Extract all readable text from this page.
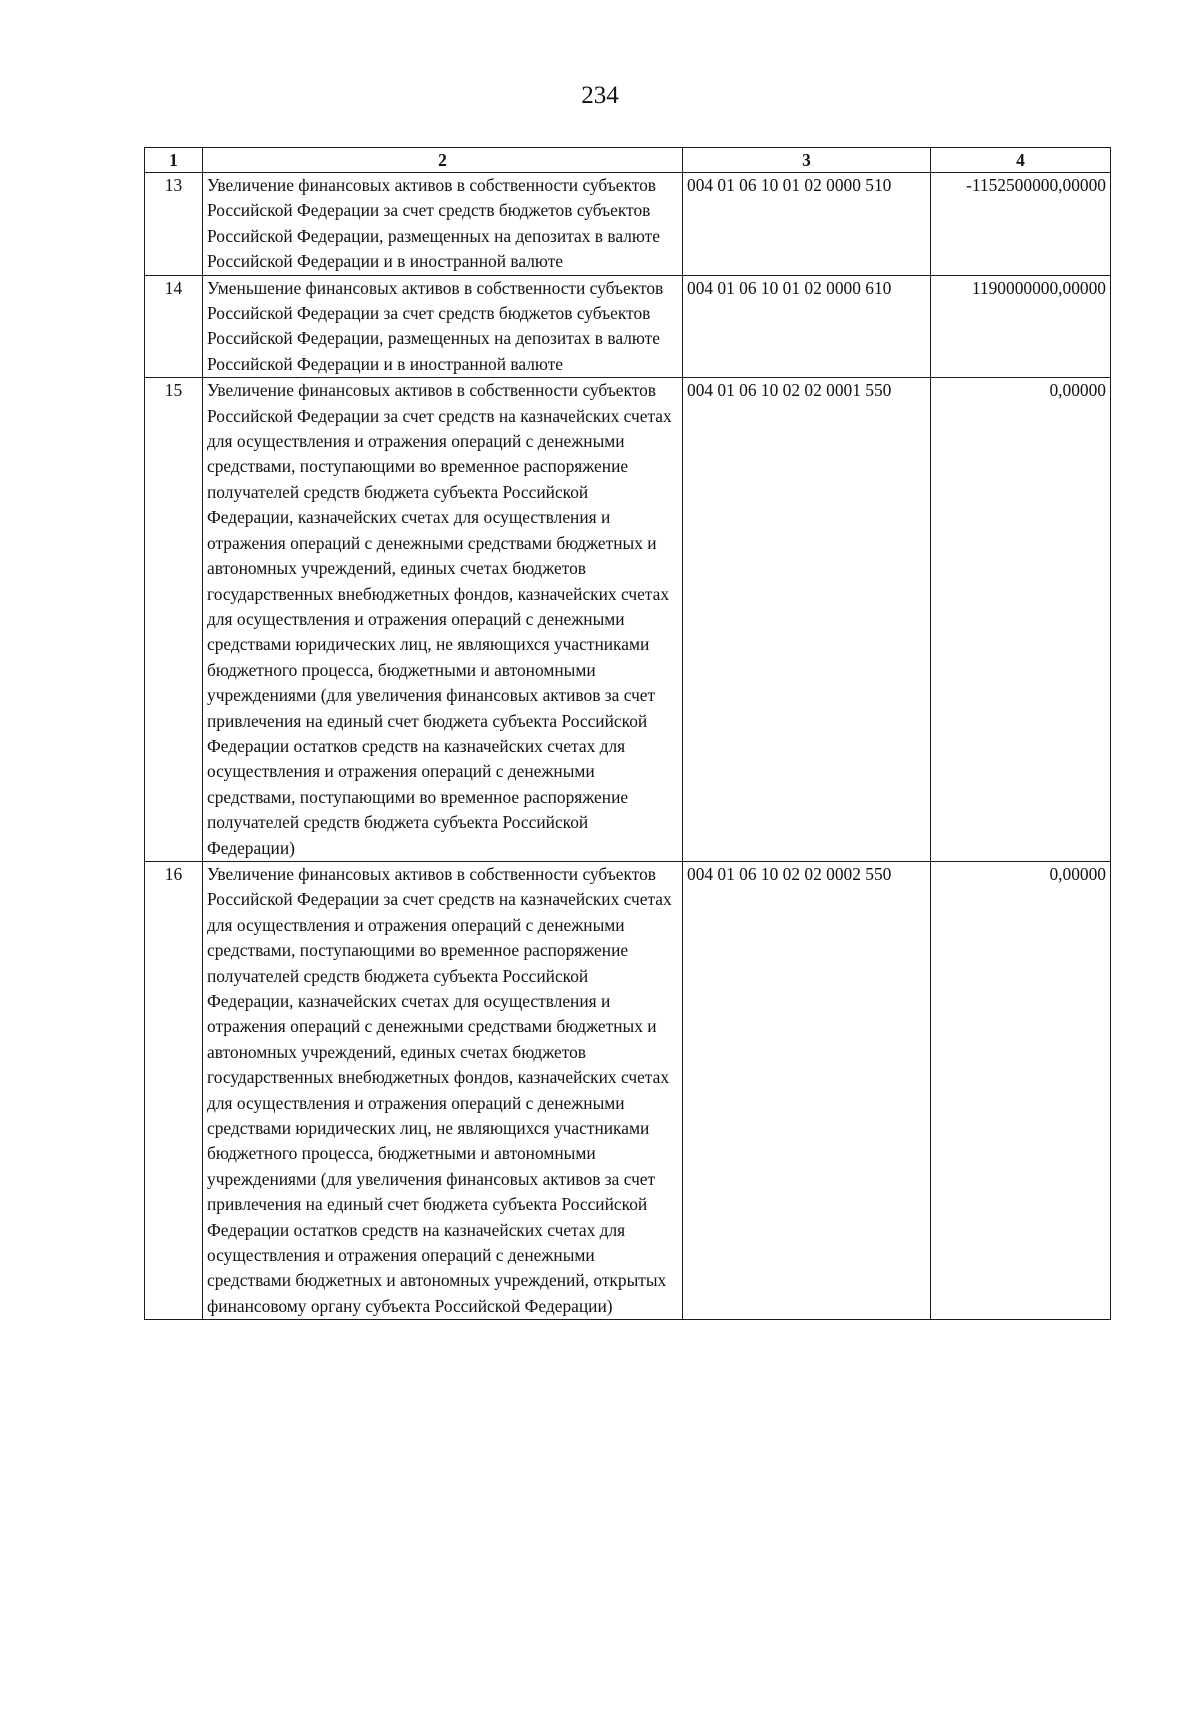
234
1	2	3	4
13	Увеличение финансовых активов в собственности субъектов Российской Федерации за счет средств бюджетов субъектов Российской Федерации, размещенных на депозитах в валюте Российской Федерации и в иностранной валюте	004 01 06 10 01 02 0000 510	-1152500000,00000
14	Уменьшение финансовых активов в собственности субъектов Российской Федерации за счет средств бюджетов субъектов Российской Федерации, размещенных на депозитах в валюте Российской Федерации и в иностранной валюте	004 01 06 10 01 02 0000 610	1190000000,00000
15	Увеличение финансовых активов в собственности субъектов Российской Федерации за счет средств на казначейских счетах для осуществления и отражения операций с денежными средствами, поступающими во временное распоряжение получателей средств бюджета субъекта Российской Федерации, казначейских счетах для осуществления и отражения операций с денежными средствами бюджетных и автономных учреждений, единых счетах бюджетов государственных внебюджетных фондов, казначейских счетах для осуществления и отражения операций с денежными средствами юридических лиц, не являющихся участниками бюджетного процесса, бюджетными и автономными учреждениями (для увеличения финансовых активов за счет привлечения на единый счет бюджета субъекта Российской Федерации остатков средств на казначейских счетах для осуществления и отражения операций с денежными средствами, поступающими во временное распоряжение получателей средств бюджета субъекта Российской Федерации)	004 01 06 10 02 02 0001 550	0,00000
16	Увеличение финансовых активов в собственности субъектов Российской Федерации за счет средств на казначейских счетах для осуществления и отражения операций с денежными средствами, поступающими во временное распоряжение получателей средств бюджета субъекта Российской Федерации, казначейских счетах для осуществления и отражения операций с денежными средствами бюджетных и автономных учреждений, единых счетах бюджетов государственных внебюджетных фондов, казначейских счетах для осуществления и отражения операций с денежными средствами юридических лиц, не являющихся участниками бюджетного процесса, бюджетными и автономными учреждениями (для увеличения финансовых активов за счет привлечения на единый счет бюджета субъекта Российской Федерации остатков средств на казначейских счетах для осуществления и отражения операций с денежными средствами бюджетных и автономных учреждений, открытых финансовому органу субъекта Российской Федерации)	004 01 06 10 02 02 0002 550	0,00000
